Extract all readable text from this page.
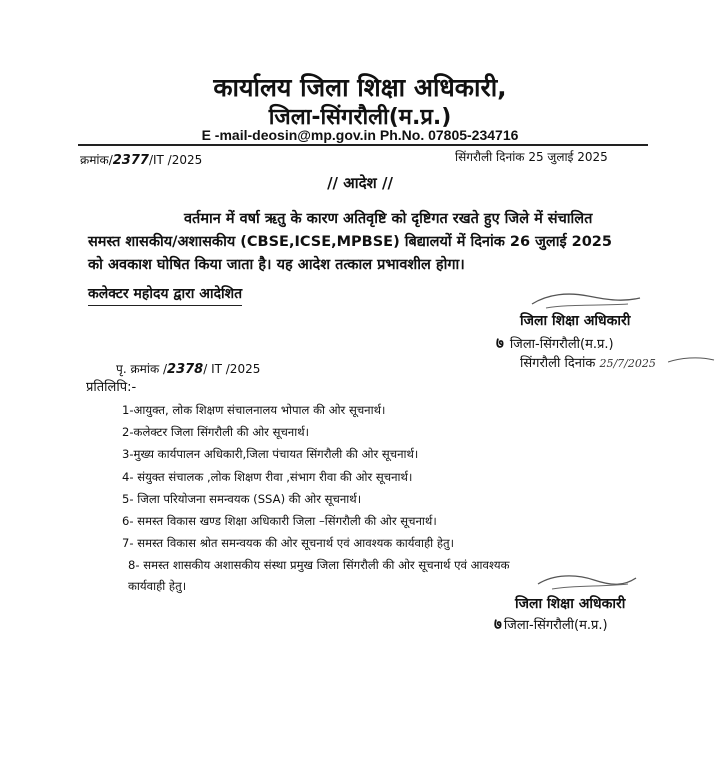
कार्यालय जिला शिक्षा अधिकारी,
जिला-सिंगरौली(म.प्र.)
E -mail-deosin@mp.gov.in Ph.No. 07805-234716
क्रमांक/2377/IT /2025	सिंगरौली दिनांक 25 जुलाई 2025
// आदेश //
वर्तमान में वर्षा ऋतु के कारण अतिवृष्टि को दृष्टिगत रखते हुए जिले में संचालित
समस्त शासकीय/अशासकीय (CBSE,ICSE,MPBSE) बिद्यालयों में दिनांक 26 जुलाई 2025
को अवकाश घोषित किया जाता है। यह आदेश तत्काल प्रभावशील होगा।
कलेक्टर महोदय द्वारा आदेशित
जिला शिक्षा अधिकारी
७ जिला-सिंगरौली(म.प्र.)
सिंगरौली दिनांक 25/7/2025
पृ. क्रमांक /2378/ IT /2025
प्रतिलिपि:-
1-आयुक्त, लोक शिक्षण संचालनालय भोपाल की ओर सूचनार्थ।
2-कलेक्टर जिला सिंगरौली की ओर सूचनार्थ।
3-मुख्य कार्यपालन अधिकारी,जिला पंचायत सिंगरौली की ओर सूचनार्थ।
4- संयुक्त संचालक ,लोक शिक्षण रीवा ,संभाग रीवा की ओर सूचनार्थ।
5- जिला परियोजना समन्वयक (SSA) की ओर सूचनार्थ।
6- समस्त विकास खण्ड शिक्षा अधिकारी जिला –सिंगरौली की ओर सूचनार्थ।
7- समस्त विकास श्रोत समन्वयक की ओर सूचनार्थ एवं आवश्यक कार्यवाही हेतु।
8- समस्त शासकीय अशासकीय संस्था प्रमुख जिला सिंगरौली की ओर सूचनार्थ एवं आवश्यक
कार्यवाही हेतु।
जिला शिक्षा अधिकारी
७ जिला-सिंगरौली(म.प्र.)
